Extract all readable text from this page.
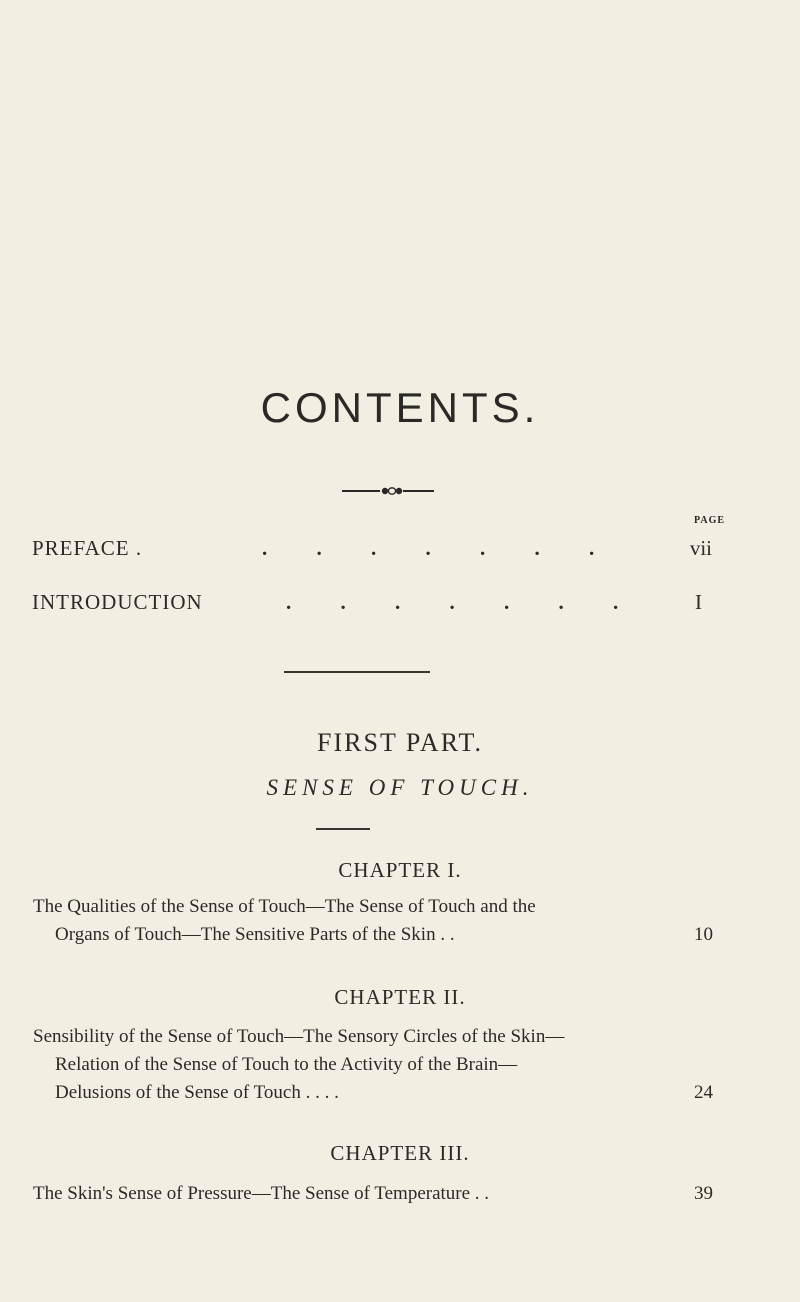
CONTENTS.
PAGE
PREFACE .	. . . . . . .	vii
INTRODUCTION	. . . . . . .	I
FIRST PART.
SENSE OF TOUCH.
CHAPTER I.
The Qualities of the Sense of Touch—The Sense of Touch and the
Organs of Touch—The Sensitive Parts of the Skin . .	10
CHAPTER II.
Sensibility of the Sense of Touch—The Sensory Circles of the Skin—
Relation of the Sense of Touch to the Activity of the Brain—
Delusions of the Sense of Touch . . . .	24
CHAPTER III.
The Skin's Sense of Pressure—The Sense of Temperature . .	39
